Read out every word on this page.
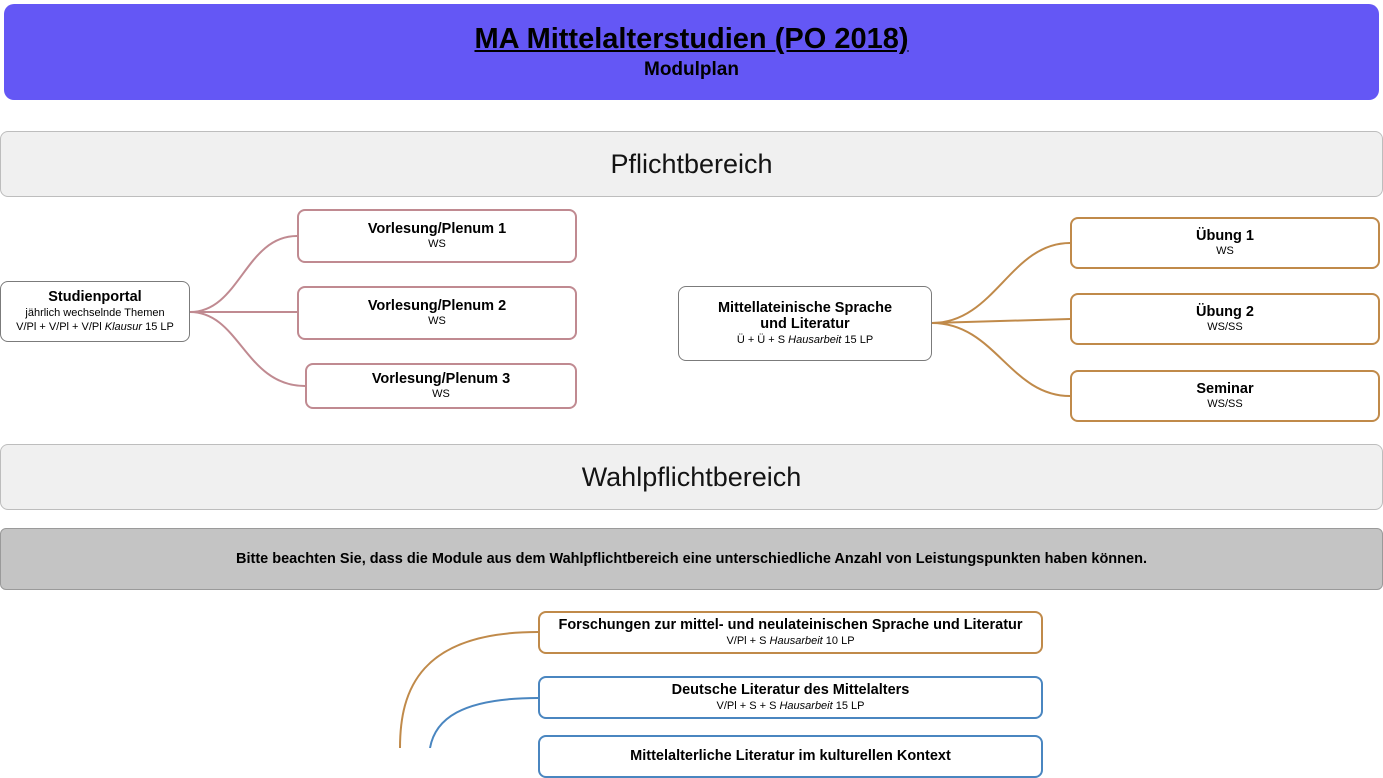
MA Mittelalterstudien (PO 2018)
Modulplan
Pflichtbereich
Studienportal
jährlich wechselnde Themen
V/Pl + V/Pl + V/Pl Klausur 15 LP
Vorlesung/Plenum 1
WS
Vorlesung/Plenum 2
WS
Vorlesung/Plenum 3
WS
Mittellateinische Sprache
und Literatur
Ü + Ü + S Hausarbeit 15 LP
Übung 1
WS
Übung 2
WS/SS
Seminar
WS/SS
Wahlpflichtbereich
Bitte beachten Sie, dass die Module aus dem Wahlpflichtbereich eine unterschiedliche Anzahl von Leistungspunkten haben können.
Forschungen zur mittel- und neulateinischen Sprache und Literatur
V/Pl + S Hausarbeit 10 LP
Deutsche Literatur des Mittelalters
V/Pl + S + S Hausarbeit 15 LP
Mittelalterliche Literatur im kulturellen Kontext
